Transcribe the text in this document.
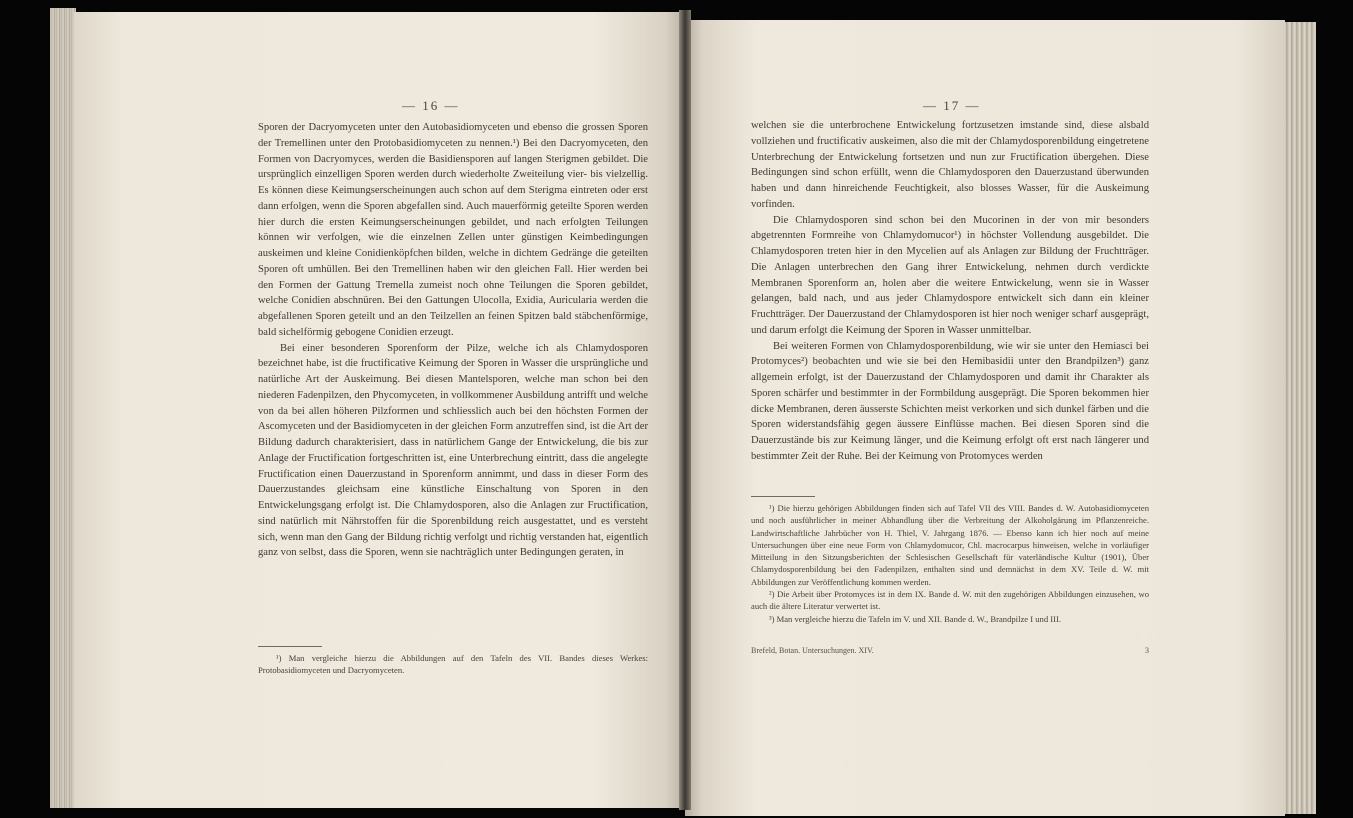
— 16 —

Sporen der Dacryomyceten unter den Autobasidiomyceten und ebenso die grossen Sporen der Tremellinen unter den Protobasidiomyceten zu nennen.¹) Bei den Dacryomyceten, den Formen von Dacryomyces, werden die Basidiensporen auf langen Sterigmen gebildet. Die ursprünglich einzelligen Sporen werden durch wiederholte Zweiteilung vier- bis vielzellig. Es können diese Keimungserscheinungen auch schon auf dem Sterigma eintreten oder erst dann erfolgen, wenn die Sporen abgefallen sind. Auch mauerförmig geteilte Sporen werden hier durch die ersten Keimungserscheinungen gebildet, und nach erfolgten Teilungen können wir verfolgen, wie die einzelnen Zellen unter günstigen Keimbedingungen auskeimen und kleine Conidienköpfchen bilden, welche in dichtem Gedränge die geteilten Sporen oft umhüllen. Bei den Tremellinen haben wir den gleichen Fall. Hier werden bei den Formen der Gattung Tremella zumeist noch ohne Teilungen die Sporen gebildet, welche Conidien abschnüren. Bei den Gattungen Ulocolla, Exidia, Auricularia werden die abgefallenen Sporen geteilt und an den Teilzellen an feinen Spitzen bald stäbchenförmige, bald sichelförmig gebogene Conidien erzeugt.

Bei einer besonderen Sporenform der Pilze, welche ich als Chlamydosporen bezeichnet habe, ist die fructificative Keimung der Sporen in Wasser die ursprüngliche und natürliche Art der Auskeimung. Bei diesen Mantelsporen, welche man schon bei den niederen Fadenpilzen, den Phycomyceten, in vollkommener Ausbildung antrifft und welche von da bei allen höheren Pilzformen und schliesslich auch bei den höchsten Formen der Ascomyceten und der Basidiomyceten in der gleichen Form anzutreffen sind, ist die Art der Bildung dadurch charakterisiert, dass in natürlichem Gange der Entwickelung, die bis zur Anlage der Fructification fortgeschritten ist, eine Unterbrechung eintritt, dass die angelegte Fructification einen Dauerzustand in Sporenform annimmt, und dass in dieser Form des Dauerzustandes gleichsam eine künstliche Einschaltung von Sporen in den Entwickelungsgang erfolgt ist. Die Chlamydosporen, also die Anlagen zur Fructification, sind natürlich mit Nährstoffen für die Sporenbildung reich ausgestattet, und es versteht sich, wenn man den Gang der Bildung richtig verfolgt und richtig verstanden hat, eigentlich ganz von selbst, dass die Sporen, wenn sie nachträglich unter Bedingungen geraten, in

¹) Man vergleiche hierzu die Abbildungen auf den Tafeln des VII. Bandes dieses Werkes: Protobasidiomyceten und Dacryomyceten.

— 17 —

welchen sie die unterbrochene Entwickelung fortzusetzen imstande sind, diese alsbald vollziehen und fructificativ auskeimen, also die mit der Chlamydosporenbildung eingetretene Unterbrechung der Entwickelung fortsetzen und nun zur Fructification übergehen. Diese Bedingungen sind schon erfüllt, wenn die Chlamydosporen den Dauerzustand überwunden haben und dann hinreichende Feuchtigkeit, also blosses Wasser, für die Auskeimung vorfinden.

Die Chlamydosporen sind schon bei den Mucorinen in der von mir besonders abgetrennten Formreihe von Chlamydomucor¹) in höchster Vollendung ausgebildet. Die Chlamydosporen treten hier in den Mycelien auf als Anlagen zur Bildung der Fruchtträger. Die Anlagen unterbrechen den Gang ihrer Entwickelung, nehmen durch verdickte Membranen Sporenform an, holen aber die weitere Entwickelung, wenn sie in Wasser gelangen, bald nach, und aus jeder Chlamydospore entwickelt sich dann ein kleiner Fruchtträger. Der Dauerzustand der Chlamydosporen ist hier noch weniger scharf ausgeprägt, und darum erfolgt die Keimung der Sporen in Wasser unmittelbar.

Bei weiteren Formen von Chlamydosporenbildung, wie wir sie unter den Hemiasci bei Protomyces²) beobachten und wie sie bei den Hemibasidii unter den Brandpilzen³) ganz allgemein erfolgt, ist der Dauerzustand der Chlamydosporen und damit ihr Charakter als Sporen schärfer und bestimmter in der Formbildung ausgeprägt. Die Sporen bekommen hier dicke Membranen, deren äusserste Schichten meist verkorken und sich dunkel färben und die Sporen widerstandsfähig gegen äussere Einflüsse machen. Bei diesen Sporen sind die Dauerzustände bis zur Keimung länger, und die Keimung erfolgt oft erst nach längerer und bestimmter Zeit der Ruhe. Bei der Keimung von Protomyces werden

¹) Die hierzu gehörigen Abbildungen finden sich auf Tafel VII des VIII. Bandes d. W. Autobasidiomyceten und noch ausführlicher in meiner Abhandlung über die Verbreitung der Alkoholgärung im Pflanzenreiche. Landwirtschaftliche Jahrbücher von H. Thiel, V. Jahrgang 1876. — Ebenso kann ich hier noch auf meine Untersuchungen über eine neue Form von Chlamydomucor, Chl. macrocarpus hinweisen, welche in vorläufiger Mitteilung in den Sitzungsberichten der Schlesischen Gesellschaft für vaterländische Kultur (1901), Über Chlamydosporenbildung bei den Fadenpilzen, enthalten sind und demnächst in dem XV. Teile d. W. mit Abbildungen zur Veröffentlichung kommen werden.

²) Die Arbeit über Protomyces ist in dem IX. Bande d. W. mit den zugehörigen Abbildungen einzusehen, wo auch die ältere Literatur verwertet ist.

³) Man vergleiche hierzu die Tafeln im V. und XII. Bande d. W., Brandpilze I und III.

Brefeld, Botan. Untersuchungen. XIV.	3
